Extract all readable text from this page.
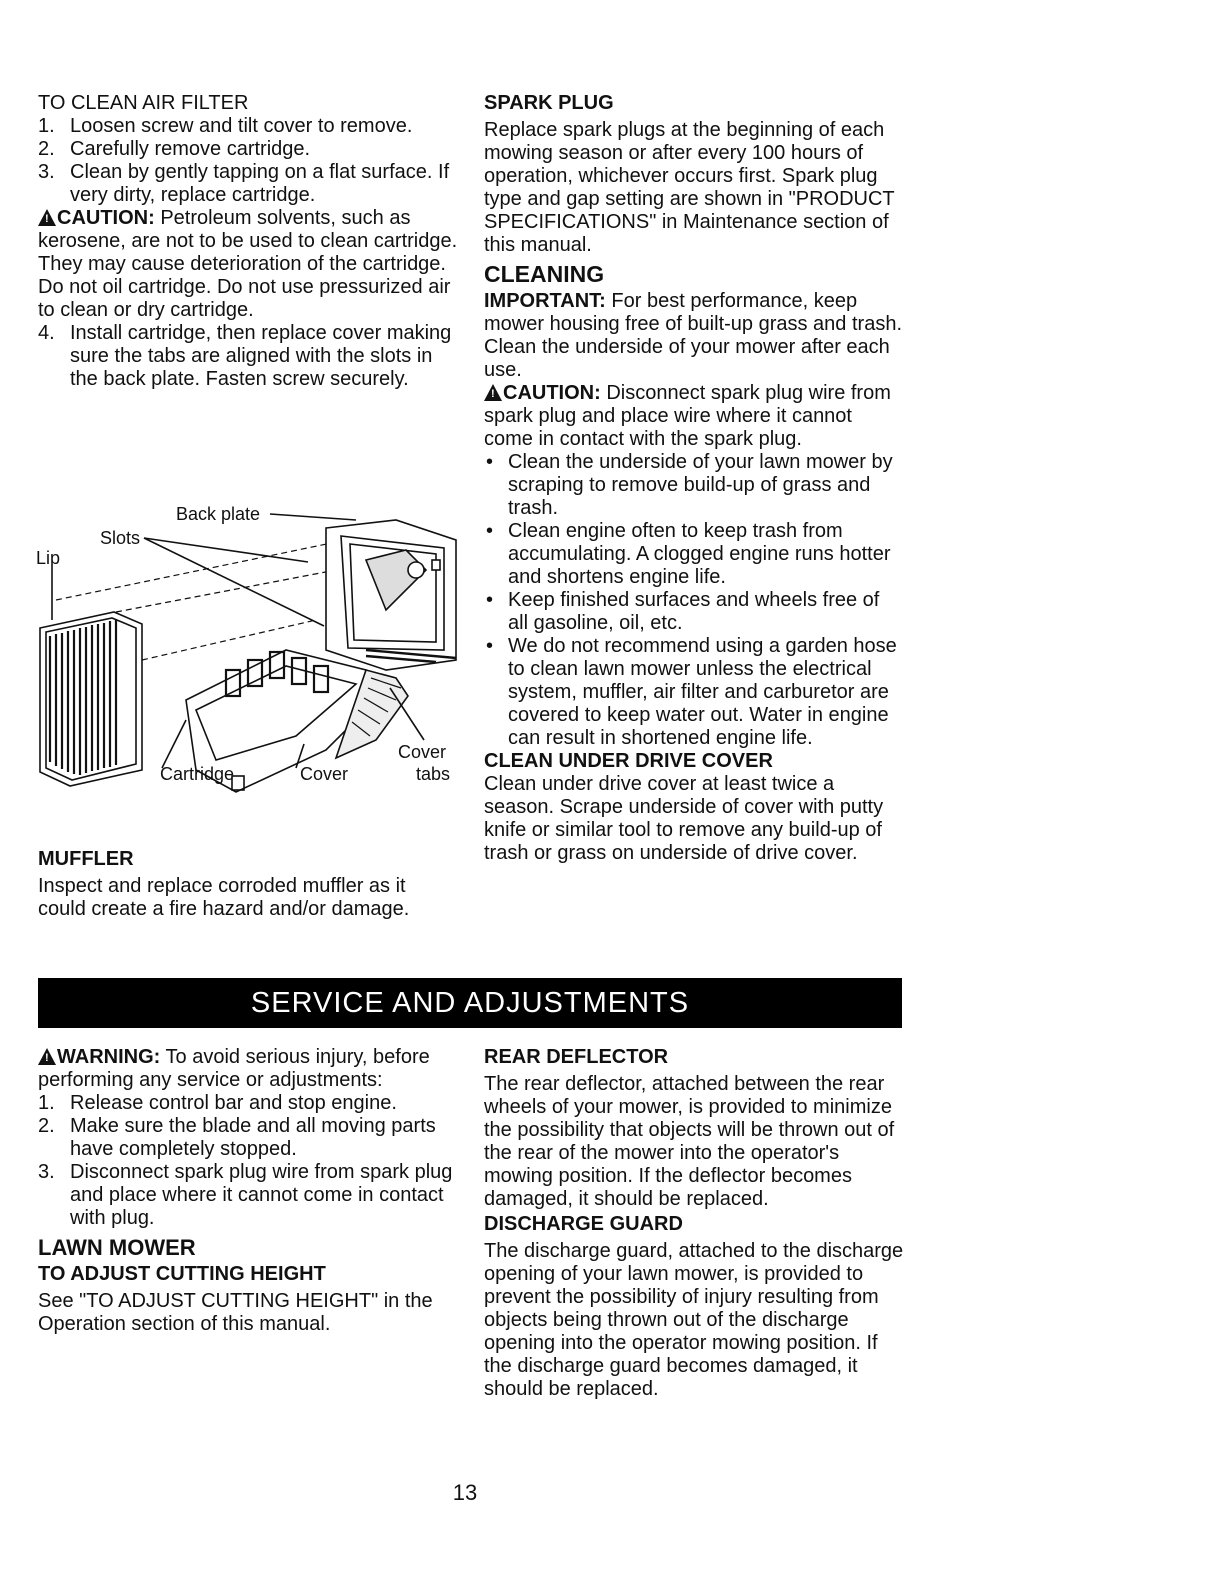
TO CLEAN AIR FILTER

1. Loosen screw and tilt cover to remove.
2. Carefully remove cartridge.
3. Clean by gently tapping on a flat surface. If very dirty, replace cartridge.

! CAUTION: Petroleum solvents, such as kerosene, are not to be used to clean cartridge. They may cause deterioration of the cartridge. Do not oil cartridge. Do not use pressurized air to clean or dry cartridge.

4. Install cartridge, then replace cover making sure the tabs are aligned with the slots in the back plate. Fasten screw securely.
Back plate
Slots
Lip
Cartridge	Cover
Cover
tabs

MUFFLER

Inspect and replace corroded muffler as it could create a fire hazard and/or damage.

SPARK PLUG

Replace spark plugs at the beginning of each mowing season or after every 100 hours of operation, whichever occurs first. Spark plug type and gap setting are shown in "PRODUCT SPECIFICATIONS" in Maintenance section of this manual.

CLEANING

IMPORTANT: For best performance, keep mower housing free of built-up grass and trash. Clean the underside of your mower after each use.

! CAUTION: Disconnect spark plug wire from spark plug and place wire where it cannot come in contact with the spark plug.

• Clean the underside of your lawn mower by scraping to remove build-up of grass and trash.
• Clean engine often to keep trash from accumulating. A clogged engine runs hotter and shortens engine life.
• Keep finished surfaces and wheels free of all gasoline, oil, etc.
• We do not recommend using a garden hose to clean lawn mower unless the electrical system, muffler, air filter and carburetor are covered to keep water out. Water in engine can result in shortened engine life.

CLEAN UNDER DRIVE COVER

Clean under drive cover at least twice a season. Scrape underside of cover with putty knife or similar tool to remove any build-up of trash or grass on underside of drive cover.

SERVICE AND ADJUSTMENTS

! WARNING: To avoid serious injury, before performing any service or adjustments:

1. Release control bar and stop engine.
2. Make sure the blade and all moving parts have completely stopped.
3. Disconnect spark plug wire from spark plug and place where it cannot come in contact with plug.

LAWN MOWER

TO ADJUST CUTTING HEIGHT

See "TO ADJUST CUTTING HEIGHT" in the Operation section of this manual.

REAR DEFLECTOR

The rear deflector, attached between the rear wheels of your mower, is provided to minimize the possibility that objects will be thrown out of the rear of the mower into the operator's mowing position. If the deflector becomes damaged, it should be replaced.

DISCHARGE GUARD

The discharge guard, attached to the discharge opening of your lawn mower, is provided to prevent the possibility of injury resulting from objects being thrown out of the discharge opening into the operator mowing position. If the discharge guard becomes damaged, it should be replaced.

13
